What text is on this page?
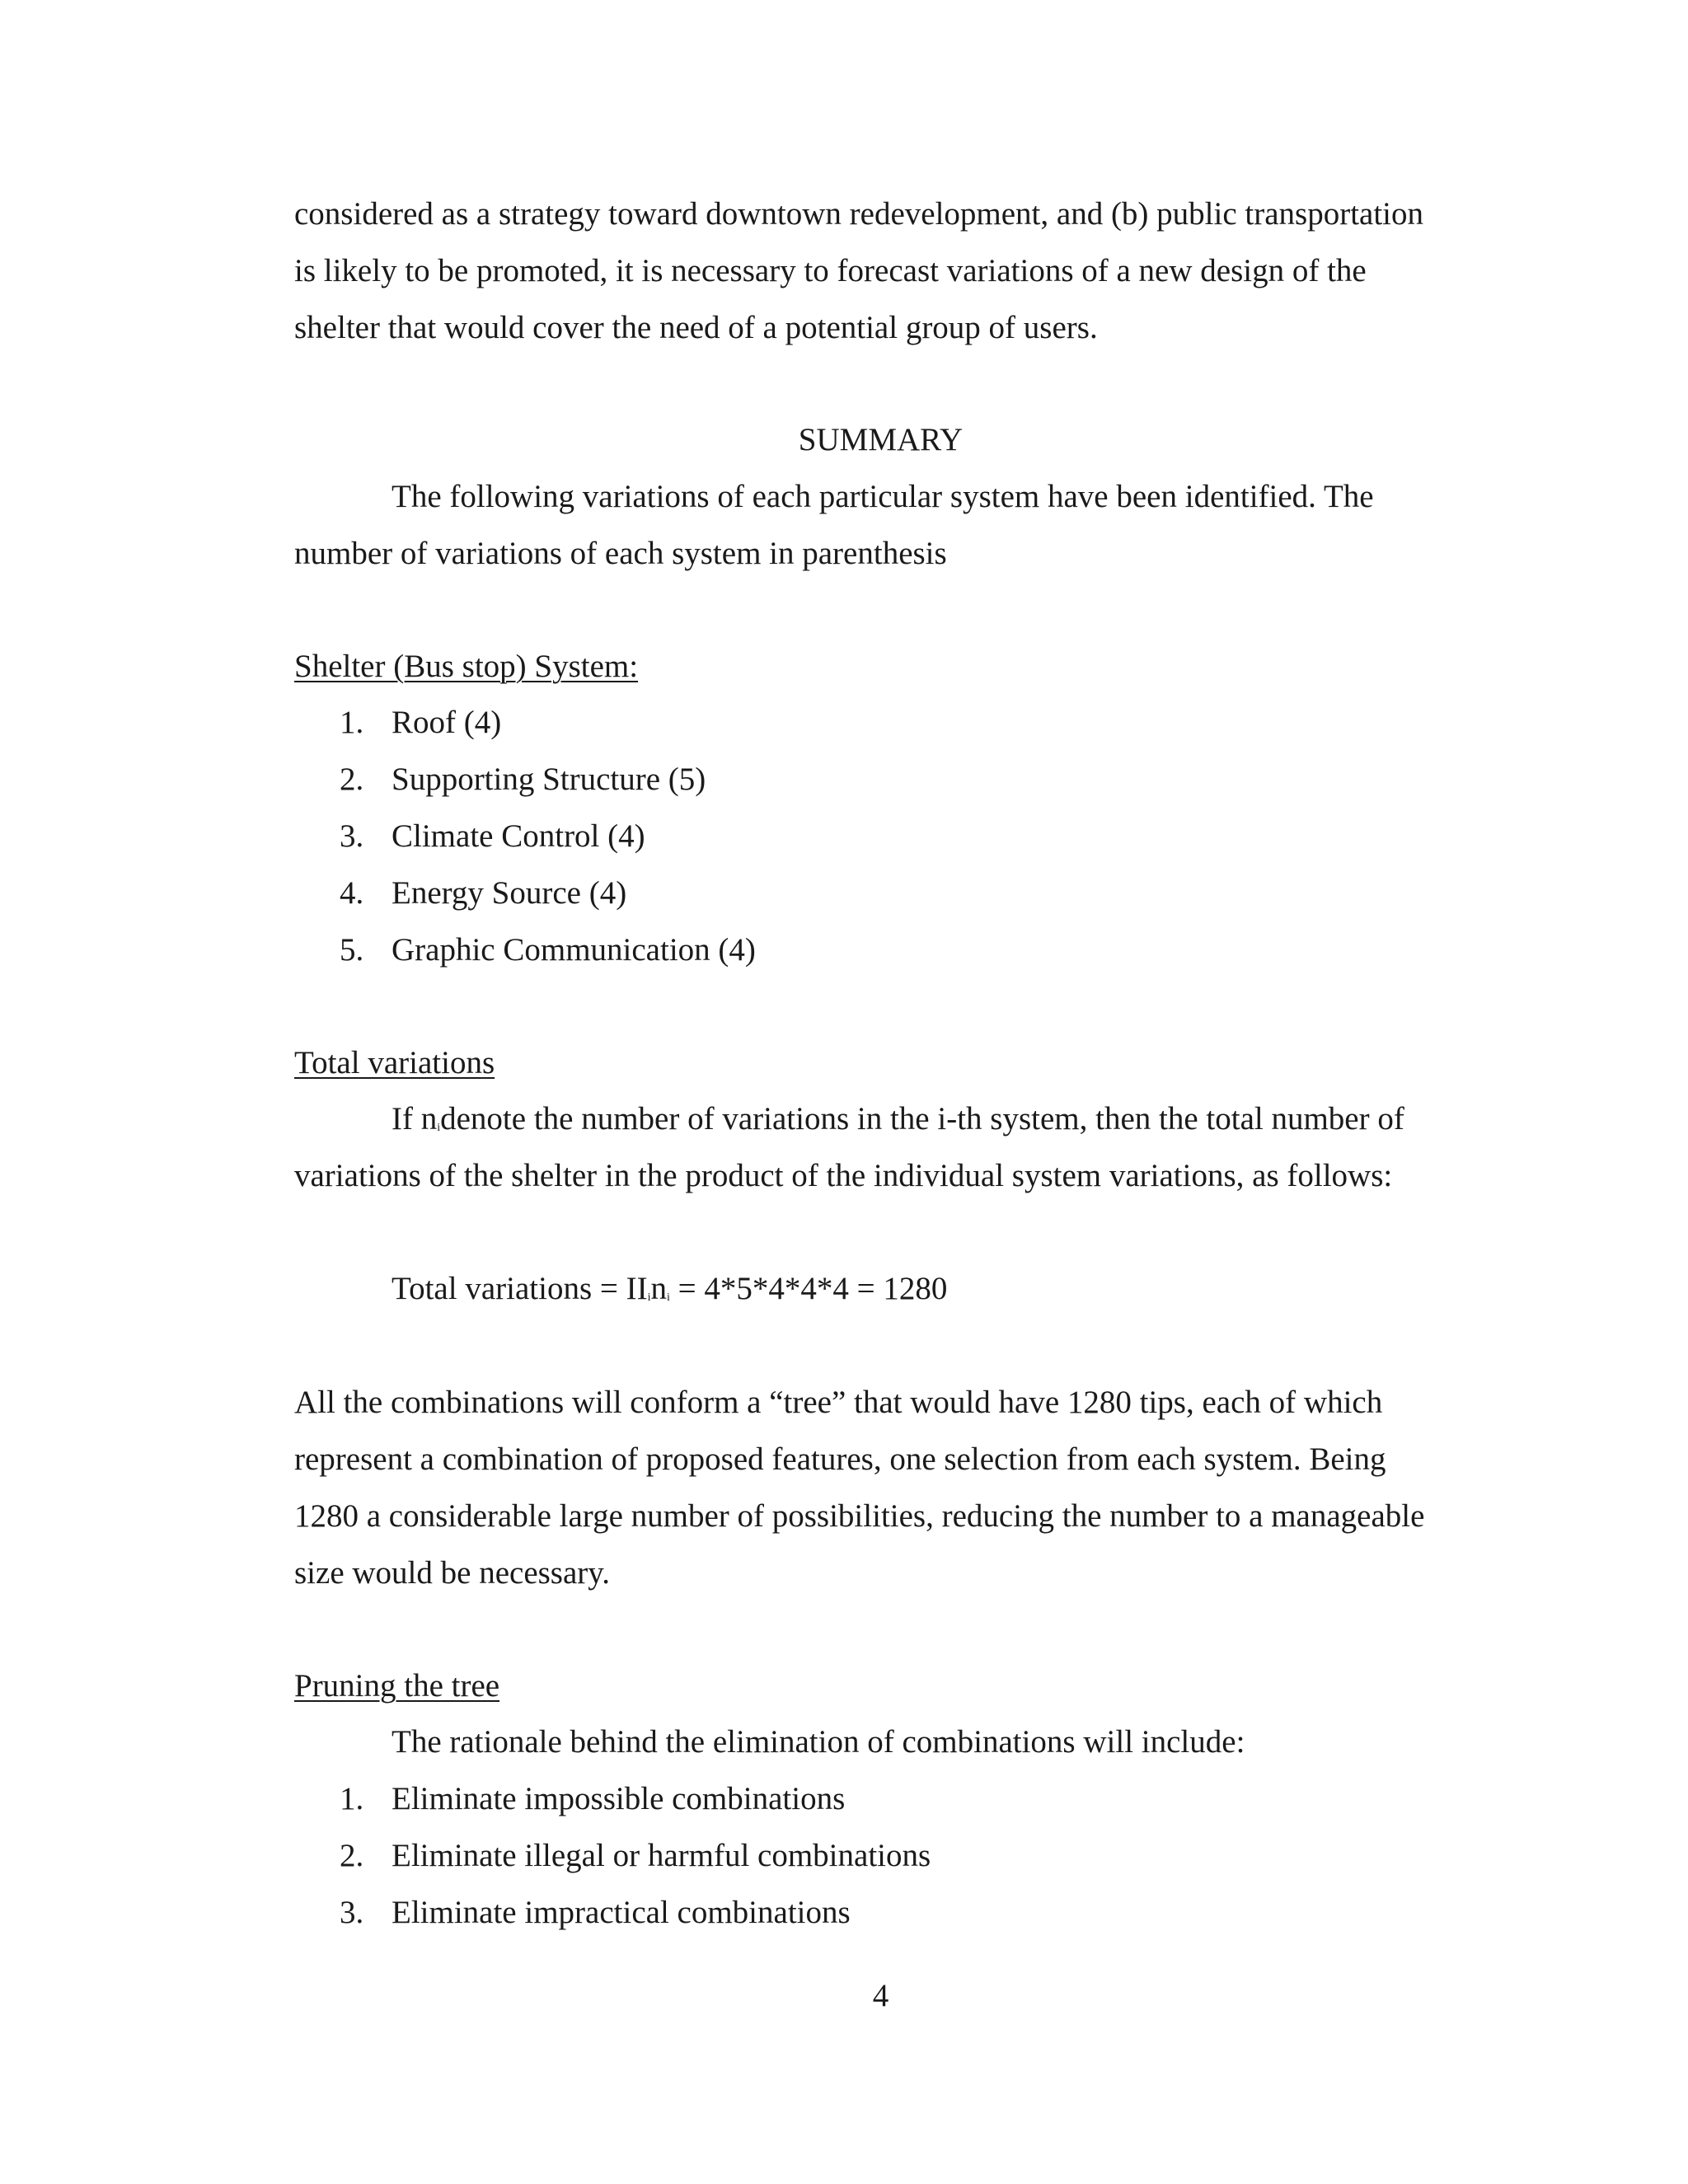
considered as a strategy toward downtown redevelopment, and (b) public transportation
is likely to be promoted, it is necessary to forecast variations of a new design of the
shelter that would cover the need of a potential group of users.
SUMMARY
The following variations of each particular system have been identified. The
number of variations of each system in parenthesis
Shelter (Bus stop) System:
1. Roof (4)
2. Supporting Structure (5)
3. Climate Control (4)
4. Energy Source (4)
5. Graphic Communication (4)
Total variations
If $n_idenote$ the number of variations in the i-th system, then the total number of
variations of the shelter in the product of the individual system variations, as follows:
Total variations = $II_in_i = 4*5*4*4*4 = 1280$
All the combinations will conform a “tree” that would have 1280 tips, each of which
represent a combination of proposed features, one selection from each system. Being
1280 a considerable large number of possibilities, reducing the number to a manageable
size would be necessary.
Pruning the tree
The rationale behind the elimination of combinations will include:
1. Eliminate impossible combinations
2. Eliminate illegal or harmful combinations
3. Eliminate impractical combinations
4
